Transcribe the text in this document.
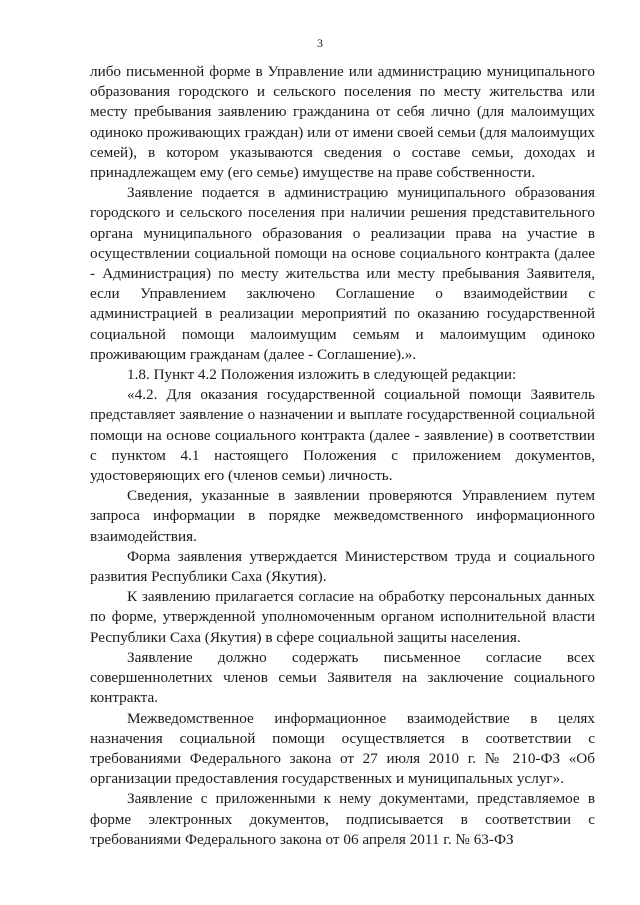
3

либо письменной форме в Управление или администрацию муниципального образования городского и сельского поселения по месту жительства или месту пребывания заявлению гражданина от себя лично (для малоимущих одиноко проживающих граждан) или от имени своей семьи (для малоимущих семей), в котором указываются сведения о составе семьи, доходах и принадлежащем ему (его семье) имуществе на праве собственности.

Заявление подается в администрацию муниципального образования городского и сельского поселения при наличии решения представительного органа муниципального образования о реализации права на участие в осуществлении социальной помощи на основе социального контракта (далее - Администрация) по месту жительства или месту пребывания Заявителя, если Управлением заключено Соглашение о взаимодействии с администрацией в реализации мероприятий по оказанию государственной социальной помощи малоимущим семьям и малоимущим одиноко проживающим гражданам (далее - Соглашение).».

1.8. Пункт 4.2 Положения изложить в следующей редакции:

«4.2. Для оказания государственной социальной помощи Заявитель представляет заявление о назначении и выплате государственной социальной помощи на основе социального контракта (далее - заявление) в соответствии с пунктом 4.1 настоящего Положения с приложением документов, удостоверяющих его (членов семьи) личность.

Сведения, указанные в заявлении проверяются Управлением путем запроса информации в порядке межведомственного информационного взаимодействия.

Форма заявления утверждается Министерством труда и социального развития Республики Саха (Якутия).

К заявлению прилагается согласие на обработку персональных данных по форме, утвержденной уполномоченным органом исполнительной власти Республики Саха (Якутия) в сфере социальной защиты населения.

Заявление должно содержать письменное согласие всех совершеннолетних членов семьи Заявителя на заключение социального контракта.

Межведомственное информационное взаимодействие в целях назначения социальной помощи осуществляется в соответствии с требованиями Федерального закона от 27 июля 2010 г. № 210-ФЗ «Об организации предоставления государственных и муниципальных услуг».

Заявление с приложенными к нему документами, представляемое в форме электронных документов, подписывается в соответствии с требованиями Федерального закона от 06 апреля 2011 г. № 63-ФЗ
